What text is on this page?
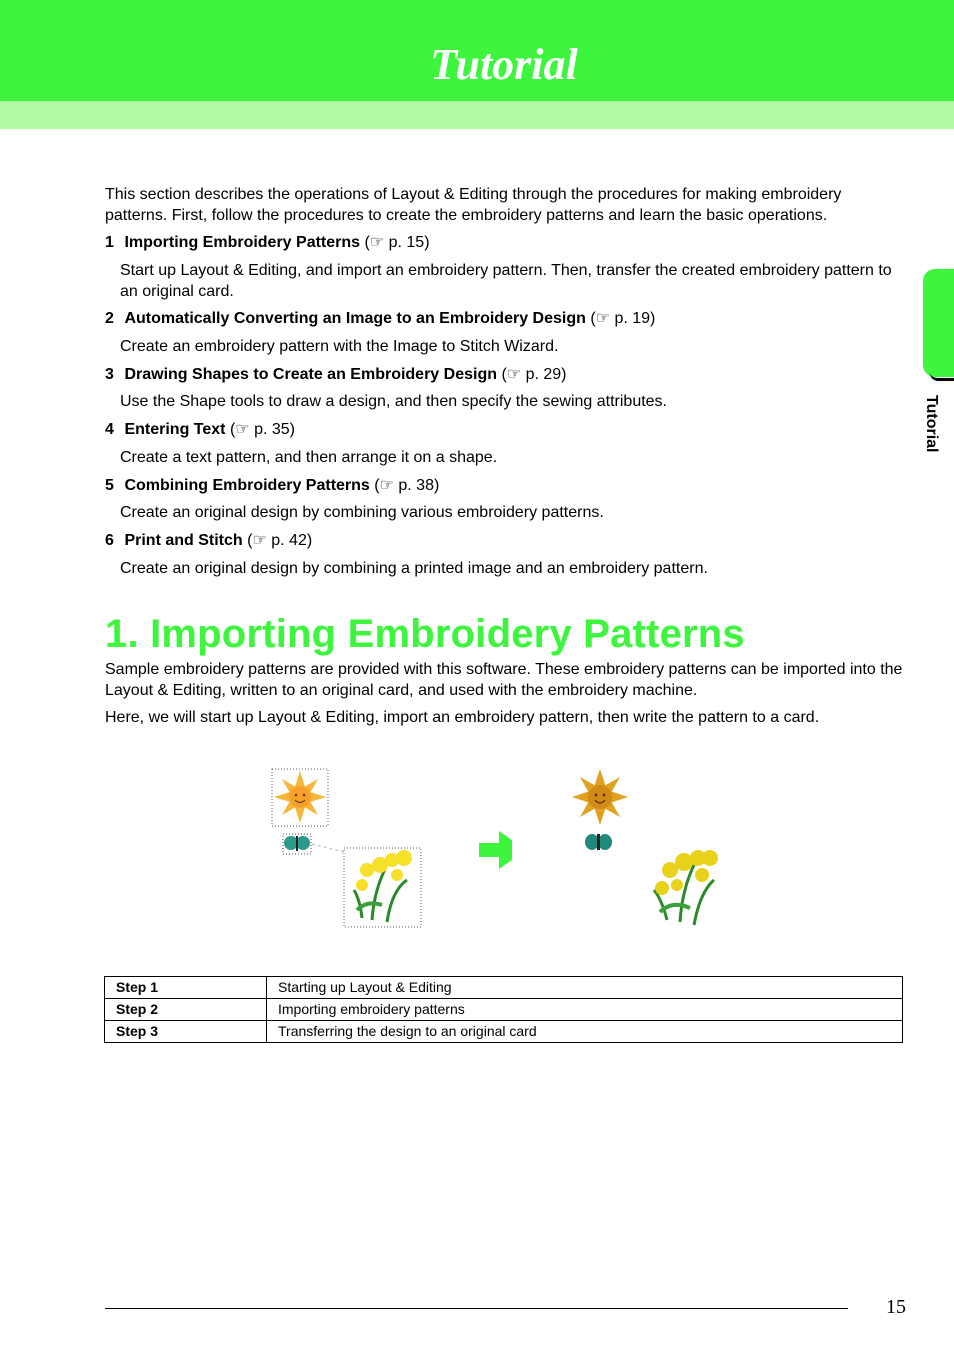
Tutorial
Tutorial
This section describes the operations of Layout & Editing through the procedures for making embroidery patterns. First, follow the procedures to create the embroidery patterns and learn the basic operations.
1 Importing Embroidery Patterns (☞ p. 15)
Start up Layout & Editing, and import an embroidery pattern. Then, transfer the created embroidery pattern to an original card.
2 Automatically Converting an Image to an Embroidery Design (☞ p. 19)
Create an embroidery pattern with the Image to Stitch Wizard.
3 Drawing Shapes to Create an Embroidery Design (☞ p. 29)
Use the Shape tools to draw a design, and then specify the sewing attributes.
4 Entering Text (☞ p. 35)
Create a text pattern, and then arrange it on a shape.
5 Combining Embroidery Patterns (☞ p. 38)
Create an original design by combining various embroidery patterns.
6 Print and Stitch (☞ p. 42)
Create an original design by combining a printed image and an embroidery pattern.
1. Importing Embroidery Patterns
Sample embroidery patterns are provided with this software. These embroidery patterns can be imported into the Layout & Editing, written to an original card, and used with the embroidery machine.
Here, we will start up Layout & Editing, import an embroidery pattern, then write the pattern to a card.
Step 1	Starting up Layout & Editing
Step 2	Importing embroidery patterns
Step 3	Transferring the design to an original card
15
